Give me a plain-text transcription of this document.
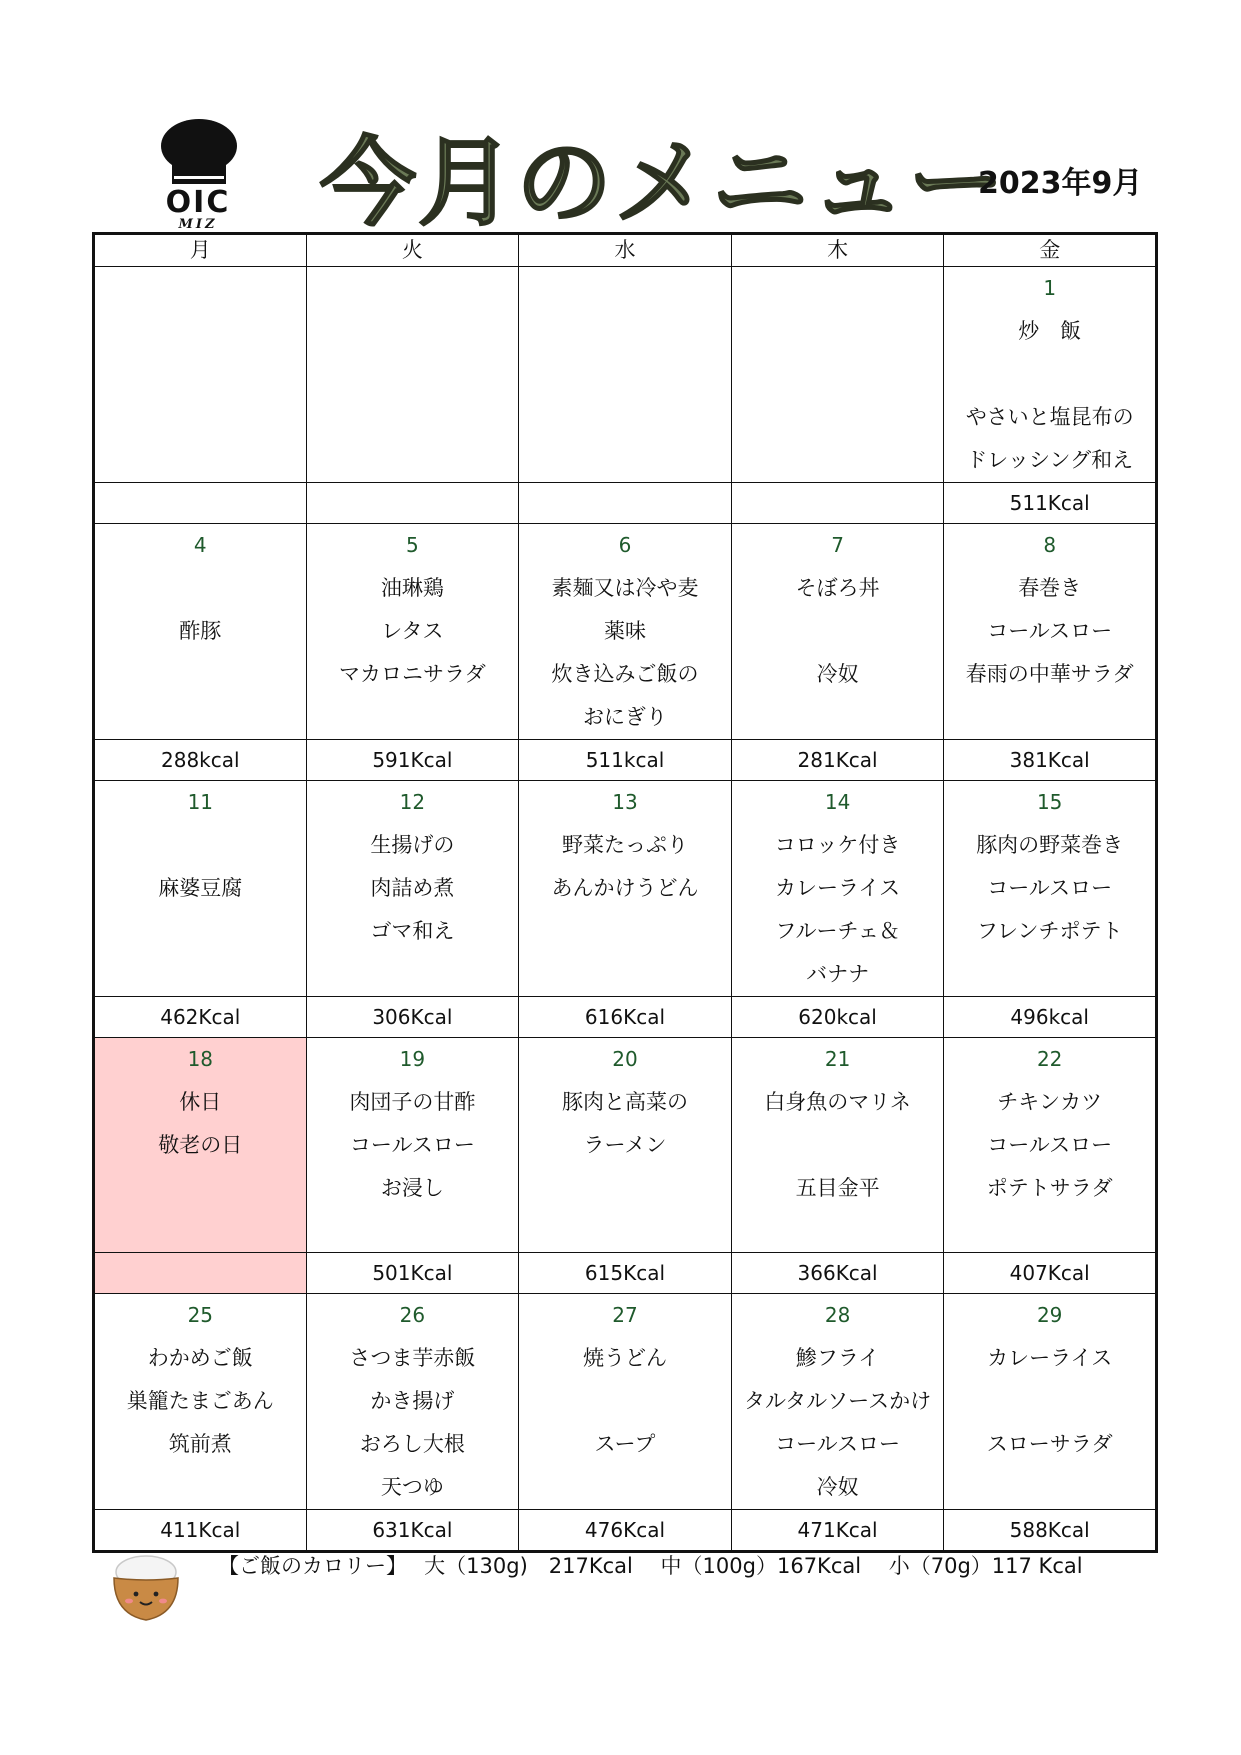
OIC
MIZ 今月のメニュー
2023年9月
月	火	水	木	金

				1
炒　飯
やさいと塩昆布の
ドレッシング和え

				511Kcal

4
酢豚	5
油琳鶏
レタス
マカロニサラダ	6
素麺又は冷や麦
薬味
炊き込みご飯の
おにぎり	7
そぼろ丼
冷奴	8
春巻き
コールスロー
春雨の中華サラダ

288kcal	591Kcal	511kcal	281Kcal	381Kcal

11
麻婆豆腐	12
生揚げの
肉詰め煮
ゴマ和え	13
野菜たっぷり
あんかけうどん	14
コロッケ付き
カレーライス
フルーチェ＆
バナナ	15
豚肉の野菜巻き
コールスロー
フレンチポテト

462Kcal	306Kcal	616Kcal	620kcal	496kcal

18
休日
敬老の日	19
肉団子の甘酢
コールスロー
お浸し	20
豚肉と高菜の
ラーメン	21
白身魚のマリネ
五目金平	22
チキンカツ
コールスロー
ポテトサラダ

	501Kcal	615Kcal	366Kcal	407Kcal

25
わかめご飯
巣籠たまごあん
筑前煮	26
さつま芋赤飯
かき揚げ
おろし大根
天つゆ	27
焼うどん
スープ	28
鯵フライ
タルタルソースかけ
コールスロー
冷奴	29
カレーライス
スローサラダ

411Kcal	631Kcal	476Kcal	471Kcal	588Kcal
【ご飯のカロリー】　 大（130g)　217Kcal　 中（100g）167Kcal　 小（70g）117 Kcal
